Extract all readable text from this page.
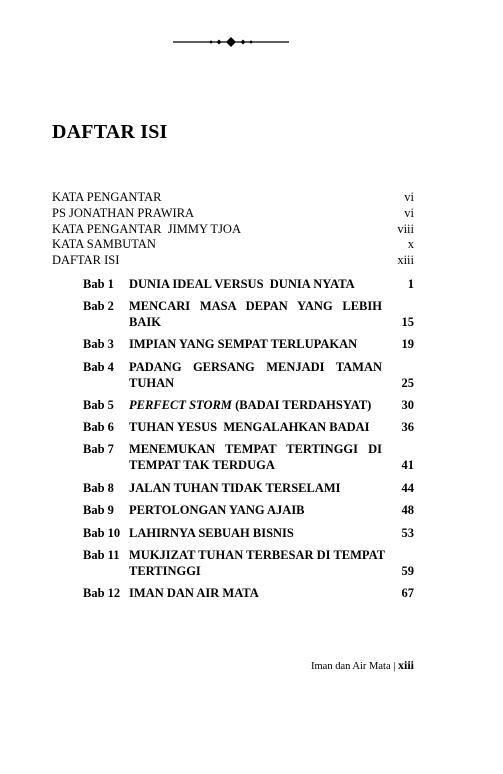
DAFTAR ISI
KATA PENGANTAR	vi
PS JONATHAN PRAWIRA	vi
KATA PENGANTAR  JIMMY TJOA	viii
KATA SAMBUTAN	x
DAFTAR ISI	xiii
Bab 1 DUNIA IDEAL VERSUS  DUNIA NYATA	1
Bab 2 MENCARI MASA DEPAN YANG LEBIH
BAIK	15
Bab 3 IMPIAN YANG SEMPAT TERLUPAKAN	19
Bab 4 PADANG GERSANG MENJADI TAMAN
TUHAN	25
Bab 5 PERFECT STORM (BADAI TERDAHSYAT) 30
Bab 6 TUHAN YESUS  MENGALAHKAN BADAI	36
Bab 7 MENEMUKAN TEMPAT TERTINGGI DI
TEMPAT TAK TERDUGA	41
Bab 8 JALAN TUHAN TIDAK TERSELAMI	44
Bab 9 PERTOLONGAN YANG AJAIB	48
Bab 10 LAHIRNYA SEBUAH BISNIS	53
Bab 11 MUKJIZAT TUHAN TERBESAR DI TEMPAT
TERTINGGI	59
Bab 12 IMAN DAN AIR MATA	67
Iman dan Air Mata | xiii
